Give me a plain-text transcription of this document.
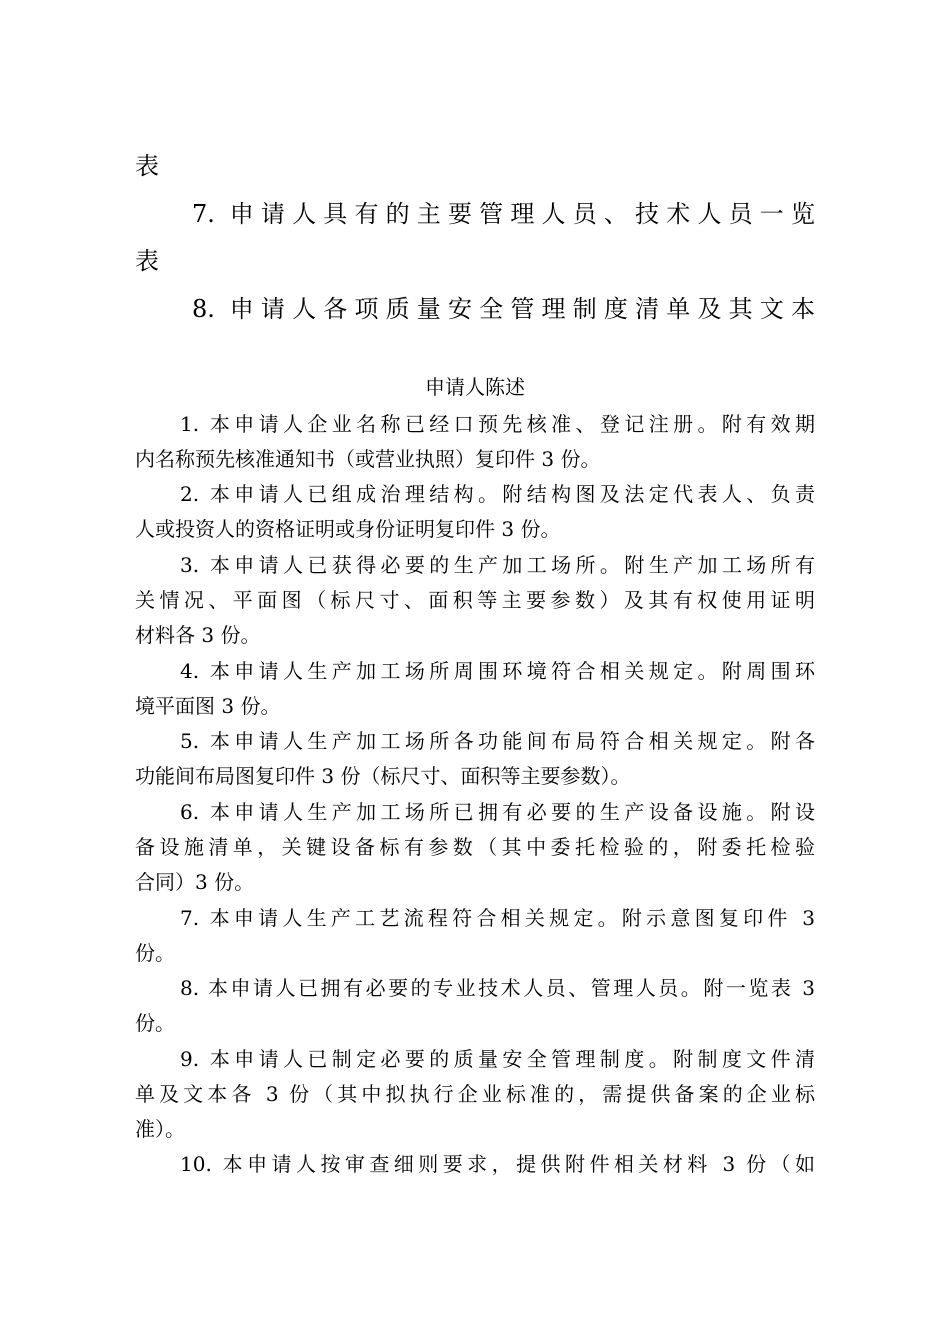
表

7. 申请人具有的主要管理人员、技术人员一览

表

8. 申请人各项质量安全管理制度清单及其文本

申请人陈述

1. 本申请人企业名称已经口预先核准、登记注册。附有效期

内名称预先核准通知书（或营业执照）复印件 3 份。

2. 本申请人已组成治理结构。附结构图及法定代表人、负责

人或投资人的资格证明或身份证明复印件 3 份。

3. 本申请人已获得必要的生产加工场所。附生产加工场所有

关情况、平面图（标尺寸、面积等主要参数）及其有权使用证明

材料各 3 份。

4. 本申请人生产加工场所周围环境符合相关规定。附周围环

境平面图 3 份。

5. 本申请人生产加工场所各功能间布局符合相关规定。附各

功能间布局图复印件 3 份（标尺寸、面积等主要参数）。

6. 本申请人生产加工场所已拥有必要的生产设备设施。附设

备设施清单，关键设备标有参数（其中委托检验的，附委托检验

合同）3 份。

7. 本申请人生产工艺流程符合相关规定。附示意图复印件 3

份。

8. 本申请人已拥有必要的专业技术人员、管理人员。附一览表 3

份。

9. 本申请人已制定必要的质量安全管理制度。附制度文件清

单及文本各 3 份（其中拟执行企业标准的，需提供备案的企业标

准）。

10. 本申请人按审查细则要求，提供附件相关材料 3 份（如
